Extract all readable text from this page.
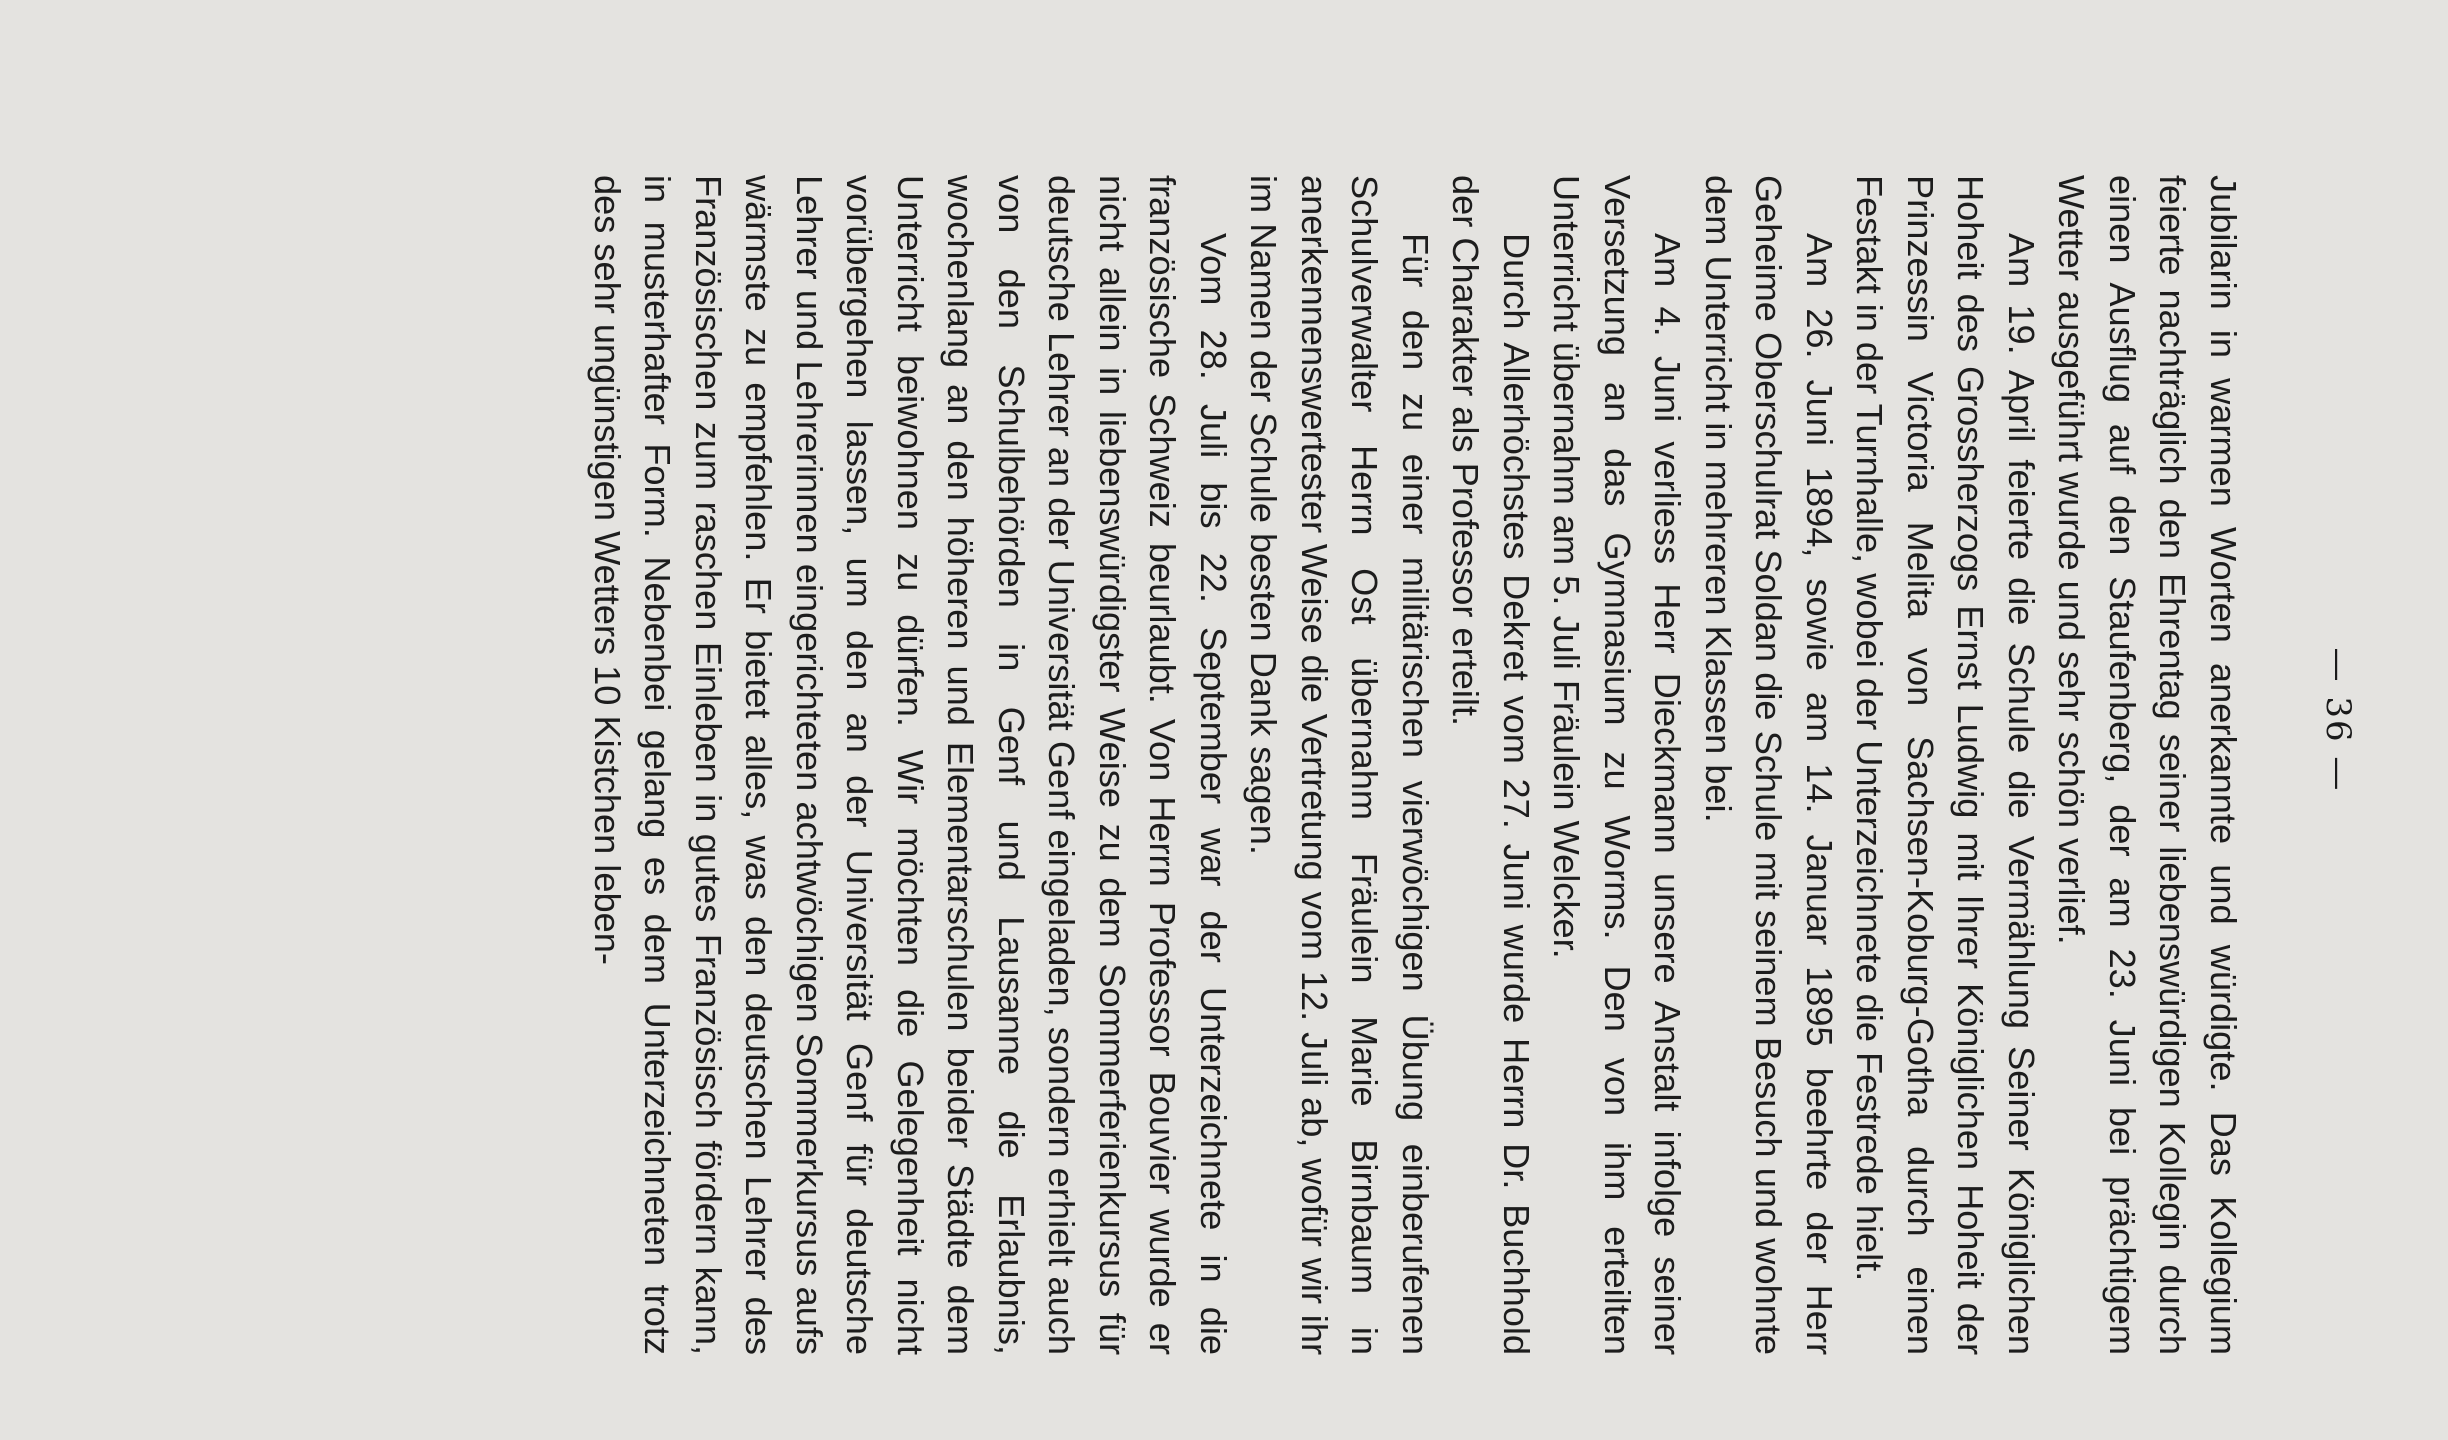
— 36 —

Jubilarin in warmen Worten anerkannte und würdigte. Das Kollegium feierte nachträglich den Ehrentag seiner liebenswürdigen Kollegin durch einen Ausflug auf den Staufenberg, der am 23. Juni bei prächtigem Wetter ausgeführt wurde und sehr schön verlief.

Am 19. April feierte die Schule die Vermählung Seiner Königlichen Hoheit des Grossherzogs Ernst Ludwig mit Ihrer Königlichen Hoheit der Prinzessin Victoria Melita von Sachsen-Koburg-Gotha durch einen Festakt in der Turnhalle, wobei der Unterzeichnete die Festrede hielt.

Am 26. Juni 1894, sowie am 14. Januar 1895 beehrte der Herr Geheime Oberschulrat Soldan die Schule mit seinem Besuch und wohnte dem Unterricht in mehreren Klassen bei.

Am 4. Juni verliess Herr Dieckmann unsere Anstalt infolge seiner Versetzung an das Gymnasium zu Worms. Den von ihm erteilten Unterricht übernahm am 5. Juli Fräulein Welcker.

Durch Allerhöchstes Dekret vom 27. Juni wurde Herrn Dr. Buchhold der Charakter als Professor erteilt.

Für den zu einer militärischen vierwöchigen Übung einberufenen Schulverwalter Herrn Ost übernahm Fräulein Marie Birnbaum in anerkennenswertester Weise die Vertretung vom 12. Juli ab, wofür wir ihr im Namen der Schule besten Dank sagen.

Vom 28. Juli bis 22. September war der Unterzeichnete in die französische Schweiz beurlaubt. Von Herrn Professor Bouvier wurde er nicht allein in liebenswürdigster Weise zu dem Sommerferienkursus für deutsche Lehrer an der Universität Genf eingeladen, sondern erhielt auch von den Schulbehörden in Genf und Lausanne die Erlaubnis, wochenlang an den höheren und Elementarschulen beider Städte dem Unterricht beiwohnen zu dürfen. Wir möchten die Gelegenheit nicht vorübergehen lassen, um den an der Universität Genf für deutsche Lehrer und Lehrerinnen eingerichteten achtwöchigen Sommerkursus aufs wärmste zu empfehlen. Er bietet alles, was den deutschen Lehrer des Französischen zum raschen Einleben in gutes Französisch fördern kann, in musterhafter Form. Nebenbei gelang es dem Unterzeichneten trotz des sehr ungünstigen Wetters 10 Kistchen leben-
